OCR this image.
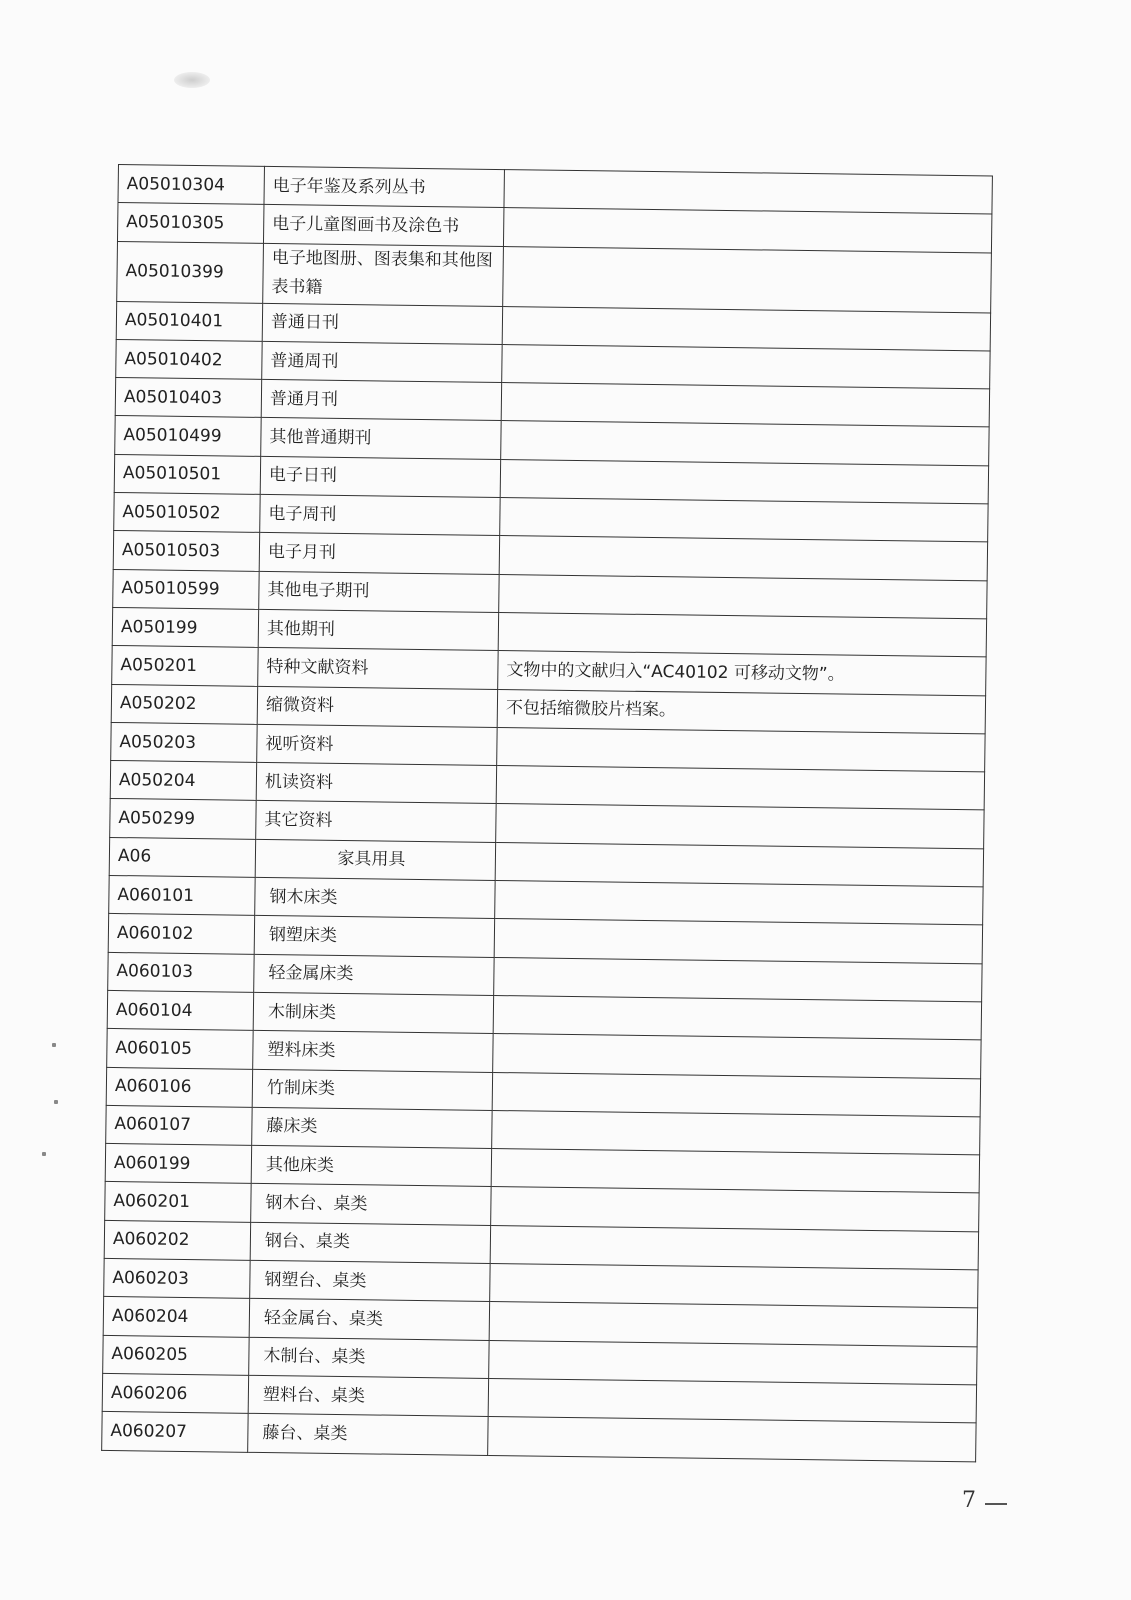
A05010304	电子年鉴及系列丛书	
A05010305	电子儿童图画书及涂色书	
A05010399	电子地图册、图表集和其他图表书籍	
A05010401	普通日刊	
A05010402	普通周刊	
A05010403	普通月刊	
A05010499	其他普通期刊	
A05010501	电子日刊	
A05010502	电子周刊	
A05010503	电子月刊	
A05010599	其他电子期刊	
A050199	其他期刊	
A050201	特种文献资料	文物中的文献归入“AC40102 可移动文物”。
A050202	缩微资料	不包括缩微胶片档案。
A050203	视听资料	
A050204	机读资料	
A050299	其它资料	
A06	家具用具	
A060101	钢木床类	
A060102	钢塑床类	
A060103	轻金属床类	
A060104	木制床类	
A060105	塑料床类	
A060106	竹制床类	
A060107	藤床类	
A060199	其他床类	
A060201	钢木台、桌类	
A060202	钢台、桌类	
A060203	钢塑台、桌类	
A060204	轻金属台、桌类	
A060205	木制台、桌类	
A060206	塑料台、桌类	
A060207	藤台、桌类	
7
